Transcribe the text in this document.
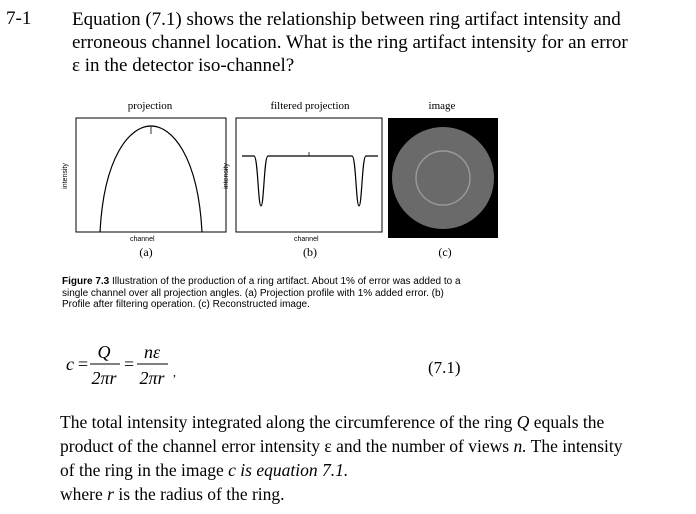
7-1 Equation (7.1) shows the relationship between ring artifact intensity and
erroneous channel location. What is the ring artifact intensity for an error
ε in the detector iso-channel?
projection	filtered projection	image
intensity
channel
(a)
intensity
channel
(b)	(c)
Figure 7.3 Illustration of the production of a ring artifact. About 1% of error was added to a
single channel over all projection angles. (a) Projection profile with 1% added error. (b)
Profile after filtering operation. (c) Reconstructed image.
c =
Q
2πr
=
nε
2πr ,	(7.1)
The total intensity integrated along the circumference of the ring Q equals the
product of the channel error intensity ε and the number of views n. The intensity
of the ring in the image c is equation 7.1.
where r is the radius of the ring.
